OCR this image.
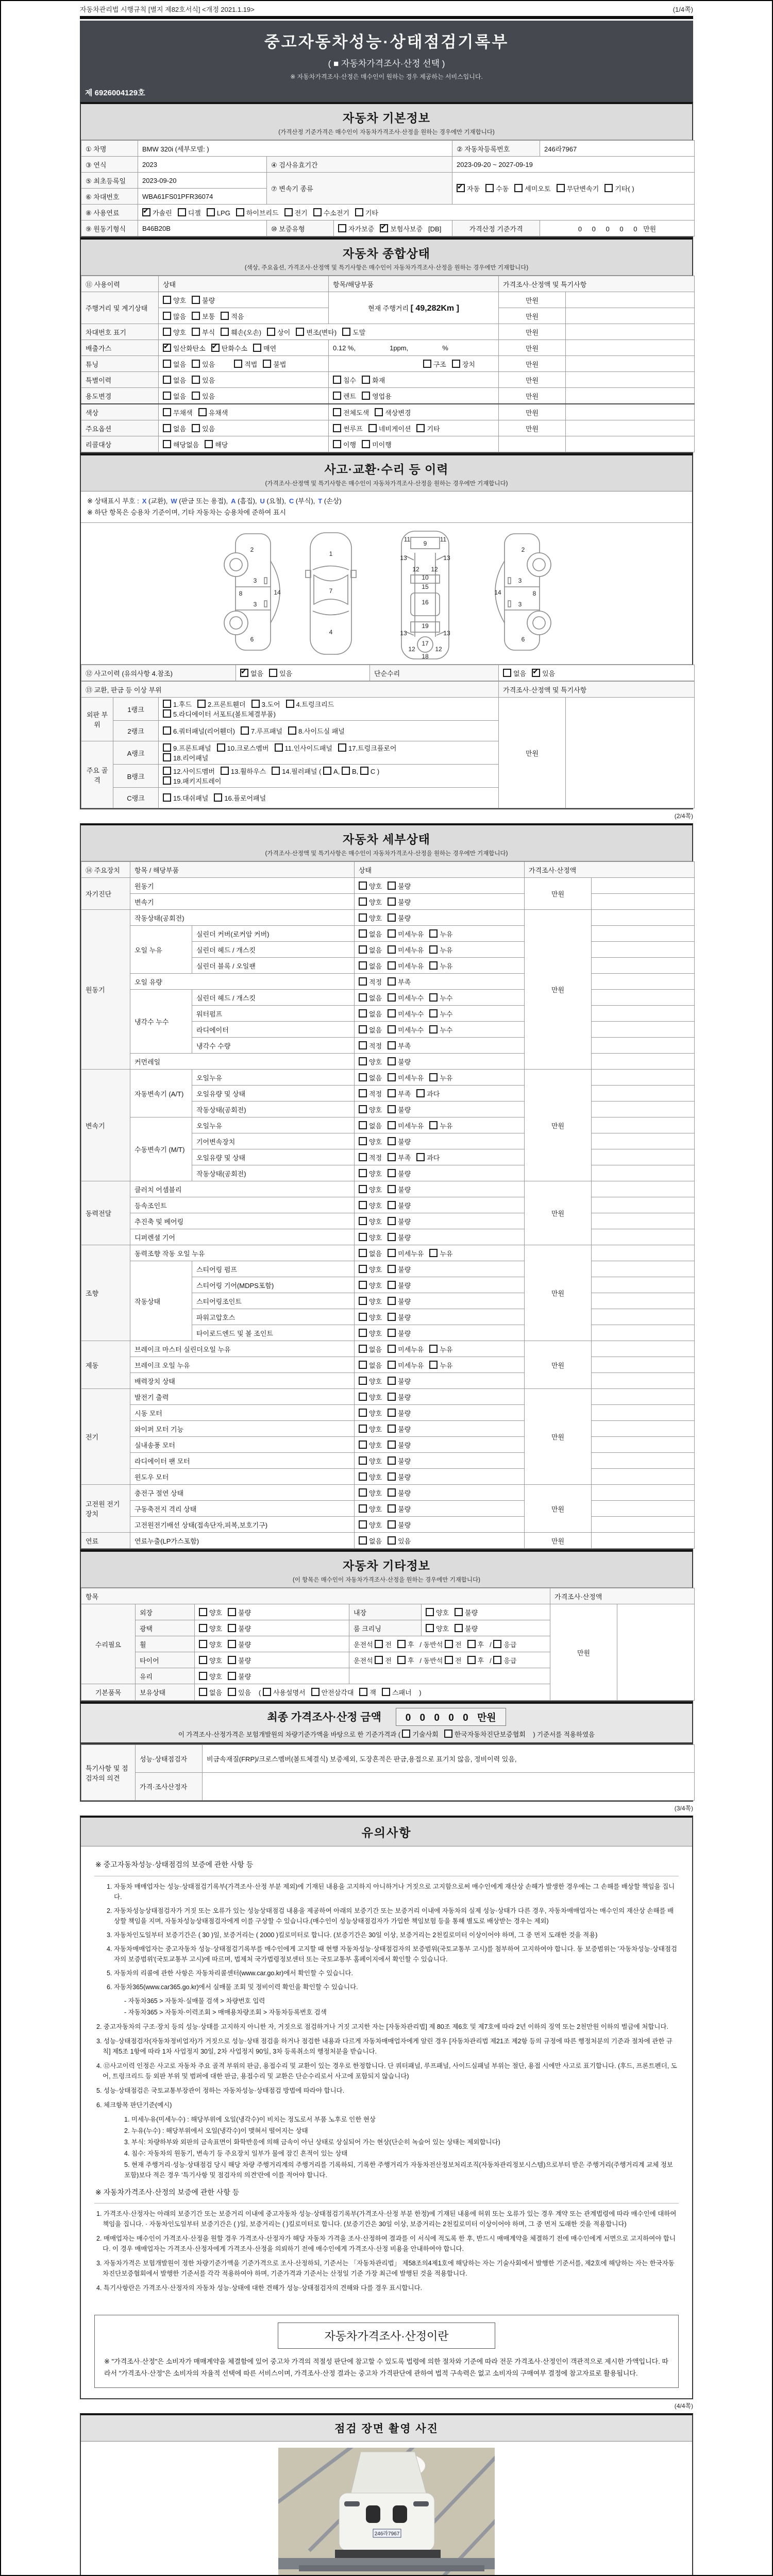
자동차관리법 시행규칙 [별지 제82호서식] <개정 2021.1.19>	(1/4쪽)
중고자동차성능·상태점검기록부
( ■ 자동차가격조사·산정 선택 )
※ 자동차가격조사·산정은 매수인이 원하는 경우 제공하는 서비스입니다.
제 6926004129호
자동차 기본정보
(가격산정 기준가격은 매수인이 자동차가격조사·산정을 원하는 경우에만 기재합니다)
① 차명	BMW 320i (세부모델: )			② 자동차등록번호	246라7967
③ 연식	2023	④ 검사유효기간		2023-09-20 ~ 2027-09-19	
⑤ 최초등록일	2023-09-20	⑦ 변속기 종류	✔자동 수동 세미오토 무단변속기 기타( )
⑥ 차대번호	WBA61FS01PFR36074				
⑧ 사용연료	✔가솔린 디젤 LPG 하이브리드 전기 수소전기 기타
⑨ 원동기형식	B46B20B	⑩ 보증유형	자가보증 ✔ 보험사보증 [DB]	가격산정 기준가격	0 0 0 0 0 만원
자동차 종합상태
(색상, 주요옵션, 가격조사·산정액 및 특기사항은 매수인이 자동차가격조사·산정을 원하는 경우에만 기재합니다)
⑪ 사용이력	상태	항목/해당부품	가격조사·산정액 및 특기사항	
주행거리 및 계기상태	양호 불량	현재 주행거리 [ 49,282Km ]	만원	
	많음 보통 적음		만원	
차대번호 표기	양호 부식 훼손(오손) 상이 변조(변타) 도말		만원	
배출가스	✔일산화탄소 ✔ 탄화수소 매연	0.12 %, 1ppm, %	만원	
튜닝	없음 있음 적법 불법	구조 장치	만원	
특별이력	없음 있음	침수 화재	만원	
용도변경	없음 있음	렌트 영업용	만원	
색상	무채색 유채색	전체도색 색상변경	만원	
주요옵션	없음 있음	썬루프 네비게이션 기타	만원	
리콜대상	해당없음 해당	이행 미이행		
사고·교환·수리 등 이력
(가격조사·산정액 및 특기사항은 매수인이 자동차가격조사·산정을 원하는 경우에만 기재합니다)
※ 상태표시 부호 : X (교환), W (판금 또는 용접), A (흠집), U (요철), C (부식), T (손상)
※ 하단 항목은 승용차 기준이며, 기타 자동차는 승용차에 준하여 표시
2
8
3
3
14
6
1
7
4
9
11	11
13	13
12 12
10
15
16
19
17
13	13
12	12
18
2
8
3
3
14
6
⑫ 사고이력 (유의사항 4.참조)	✔없음 있음	단순수리	없음 ✔ 있음
⑬ 교환, 판금 등 이상 부위			가격조사·산정액 및 특기사항	
외판 부위	1랭크	1.후드 2.프론트휀더 3.도어 4.트렁크리드
5.라디에이터 서포트(볼트체결부품)	만원	
	2랭크	6.쿼터패널(리어휀더) 7.루프패널 8.사이드실 패널		
주요 골격	A랭크	9.프론트패널 10.크로스멤버 11.인사이드패널 17.트렁크플로어
18.리어패널		
	B랭크	12.사이드멤버 13.휠하우스 14.필러패널 ( A, B, C )
19.패키지트레이		
	C랭크	15.대쉬패널 16.플로어패널		
(2/4쪽)
자동차 세부상태
(가격조사·산정액 및 특기사항은 매수인이 자동차가격조사·산정을 원하는 경우에만 기재합니다)
⑭ 주요장치	항목 / 해당부품		상태	가격조사·산정액	
자기진단	원동기		양호 불량	만원	
	변속기		양호 불량		
원동기	작동상태(공회전)		양호 불량	만원	
	오일 누유	실린더 커버(로커암 커버)	없음 미세누유 누유		
		실린더 헤드 / 개스킷	없음 미세누유 누유		
		실린더 블록 / 오일팬	없음 미세누유 누유		
	오일 유량		적정 부족		
	냉각수 누수	실린더 헤드 / 개스킷	없음 미세누수 누수		
		워터펌프	없음 미세누수 누수		
		라디에이터	없음 미세누수 누수		
		냉각수 수량	적정 부족		
	커먼레일		양호 불량		
변속기	자동변속기 (A/T)	오일누유	없음 미세누유 누유	만원	
		오일유량 및 상태	적정 부족 과다		
		작동상태(공회전)	양호 불량		
	수동변속기 (M/T)	오일누유	없음 미세누유 누유		
		기어변속장치	양호 불량		
		오일유량 및 상태	적정 부족 과다		
		작동상태(공회전)	양호 불량		
동력전달	클러치 어셈블리		양호 불량	만원	
	등속조인트		양호 불량		
	추진축 및 베어링		양호 불량		
	디퍼렌셜 기어		양호 불량		
조향	동력조향 작동 오일 누유		없음 미세누유 누유	만원	
	작동상태	스티어링 펌프	양호 불량		
		스티어링 기어(MDPS포함)	양호 불량		
		스티어링조인트	양호 불량		
		파워고압호스	양호 불량		
		타이로드엔드 및 볼 조인트	양호 불량		
제동	브레이크 마스터 실린더오일 누유		없음 미세누유 누유	만원	
	브레이크 오일 누유		없음 미세누유 누유		
	배력장치 상태		양호 불량		
전기	발전기 출력		양호 불량	만원	
	시동 모터		양호 불량		
	와이퍼 모터 기능		양호 불량		
	실내송풍 모터		양호 불량		
	라디에이터 팬 모터		양호 불량		
	윈도우 모터		양호 불량		
고전원 전기장치	충전구 절연 상태		양호 불량	만원	
	구동축전지 격리 상태		양호 불량		
	고전원전기배선 상태(접속단자,피복,보호기구)		양호 불량		
연료	연료누출(LP가스포함)		없음 있음	만원	
자동차 기타정보
(이 항목은 매수인이 자동차가격조사·산정을 원하는 경우에만 기재합니다)
항목					가격조사·산정액	
수리필요	외장	양호 불량	내장	양호 불량	만원	
	광택	양호 불량	룸 크리닝	양호 불량		
	휠	양호 불량	운전석 전 후 / 동반석 전 후 / 응급			
	타이어	양호 불량	운전석 전 후 / 동반석 전 후 / 응급			
	유리	양호 불량				
기본품목	보유상태	없음 있음 ( 사용설명서 안전삼각대 잭 스패너 )				
최종 가격조사·산정 금액 0 0 0 0 0 만원
이 가격조사·산정가격은 보험개발원의 차량기준가액을 바탕으로 한 기준가격과 ( 기술사회 한국자동차진단보증협회 ) 기준서를 적용하였음
특기사항 및 점검자의 의견	성능·상태점검자	비금속재질(FRP)/크로스멤버(볼트체결식) 보증제외, 도장흔적은 판금,용접으로 표기치 않음, 정비이력 있음,
	가격·조사산정자	
(3/4쪽)
유의사항
※ 중고자동차성능·상태점검의 보증에 관한 사항 등

1. 자동차 매매업자는 성능·상태점검기록부(가격조사·산정 부분 제외)에 기재된 내용을 고지하지 아니하거나 거짓으로 고지함으로써 매수인에게 재산상 손해가 발생한 경우에는 그 손해를 배상할 책임을 집니다.

2. 자동차성능상태점검자가 거짓 또는 오류가 있는 성능상태점검 내용을 제공하여 아래의 보증기간 또는 보증거리 이내에 자동차의 실제 성능·상태가 다른 경우, 자동차매매업자는 매수인의 재산상 손해를 배상할 책임을 지며, 자동차성능상태점검자에게 이를 구상할 수 있습니다.(매수인이 성능상태점검자가 가입한 책임보험 등을 통해 별도로 배상받는 경우는 제외)

3. 자동차인도일부터 보증기간은 ( 30 )일, 보증거리는 ( 2000 )킬로미터로 합니다. (보증기간은 30일 이상, 보증거리는 2천킬로미터 이상이어야 하며, 그 중 먼저 도래한 것을 적용)

4. 자동차매매업자는 중고자동차 성능·상태점검기록부를 매수인에게 고지할 때 현행 자동차성능·상태점검자의 보증범위(국토교통부 고시)를 첨부하여 고지하여야 합니다. 동 보증범위는 '자동차성능·상태점검자의 보증범위'(국토교통부 고시)에 따르며, 법제처 국가법령정보센터 또는 국토교통부 홈페이지에서 확인할 수 있습니다.

5. 자동차의 리콜에 관한 사항은 자동차리콜센터(www.car.go.kr)에서 확인할 수 있습니다.

6. 자동차365(www.car365.go.kr)에서 실매물 조회 및 정비이력 확인을 확인할 수 있습니다.

- 자동차365 > 자동차·실매물 검색 > 차량번호 입력

- 자동차365 > 자동차·이력조회 > 매매용차량조회 > 자동차등록번호 검색

2. 중고자동차의 구조·장치 등의 성능·상태를 고지하지 아니한 자, 거짓으로 점검하거나 거짓 고지한 자는 [자동차관리법] 제 80조 제6호 및 제7호에 따라 2년 이하의 징역 또는 2천만원 이하의 벌금에 처합니다.

3. 성능·상태점검자(자동차정비업자)가 거짓으로 성능·상태 점검을 하거나 점검한 내용과 다르게 자동차매매업자에게 알린 경우 [자동차관리법 제21조 제2항 등의 규정에 따른 행정처분의 기준과 절차에 관한 규칙] 제5조 1항에 따라 1차 사업정지 30일, 2차 사업정지 90일, 3차 등록취소의 행정처분을 받습니다.

4. ⑫사고이력 인정은 사고로 자동차 주요 골격 부위의 판금, 용접수리 및 교환이 있는 경우로 한정합니다. 단 쿼터패널, 루프패널, 사이드실패널 부위는 절단, 용접 시에만 사고로 표기합니다. (후드, 프론트펜더, 도어, 트렁크리드 등 외판 부위 및 범퍼에 대한 판금, 용접수리 및 교환은 단순수리로서 사고에 포함되지 않습니다)

5. 성능·상태점검은 국토교통부장관이 정하는 자동차성능·상태점검 방법에 따라야 합니다.

6. 체크항목 판단기준(예시)

1. 미세누유(미세누수) : 해당부위에 오일(냉각수)이 비치는 정도로서 부품 노후로 인한 현상

2. 누유(누수) : 해당부위에서 오일(냉각수)이 맺혀서 떨어지는 상태

3. 부식: 차량하부와 외판의 금속표면이 화학반응에 의해 금속이 아닌 상태로 상실되어 가는 현상(단순히 녹슬어 있는 상태는 제외합니다)

4. 침수: 자동차의 원동기, 변속기 등 주요장치 일부가 물에 잠긴 흔적이 있는 상태

5. 현재 주행거리·성능·상태점검 당시 해당 차량 주행거리계의 주행거리를 기록하되, 기록한 주행거리가 자동차전산정보처리조직(자동차관리정보시스템)으로부터 받은 주행거리(주행거리계 교체 정보 포함)보다 적은 경우 '특기사항 및 점검자의 의견'란에 이를 적어야 합니다.

※ 자동차가격조사·산정의 보증에 관한 사항 등

1. 가격조사·산정자는 아래의 보증기간 또는 보증거리 이내에 중고자동차 성능·상태점검기록부(가격조사·산정 부분 한정)에 기재된 내용에 허위 또는 오류가 있는 경우 계약 또는 관계법령에 따라 매수인에 대하여 책임을 집니다. · 자동차인도일부터 보증기간은 ( )일, 보증거리는 ( )킬로미터로 합니다. (보증기간은 30일 이상, 보증거리는 2천킬로미터 이상이어야 하며, 그 중 먼저 도래한 것을 적용합니다)

2. 매매업자는 매수인이 가격조사·산정을 원할 경우 가격조사·산정자가 해당 자동차 가격을 조사·산정하여 결과를 이 서식에 적도록 한 후, 반드시 매매계약을 체결하기 전에 매수인에게 서면으로 고지하여야 합니다. 이 경우 매매업자는 가격조사·산정자에게 가격조사·산정을 의뢰하기 전에 매수인에게 가격조사·산정 비용을 안내하여야 합니다.

3. 자동차가격은 보험개발원이 정한 차량기준가액을 기준가격으로 조사·산정하되, 기준서는 「자동차관리법」 제58조의4제1호에 해당하는 자는 기술사회에서 발행한 기준서를, 제2호에 해당하는 자는 한국자동차진단보증협회에서 발행한 기준서를 각각 적용하여야 하며, 기준가격과 기준서는 산정일 기준 가장 최근에 발행된 것을 적용합니다.

4. 특기사항란은 가격조사·산정자의 자동차 성능·상태에 대한 견해가 성능·상태점검자의 견해와 다를 경우 표시합니다.

자동차가격조사·산정이란
※ "가격조사·산정"은 소비자가 매매계약을 체결함에 있어 중고차 가격의 적절성 판단에 참고할 수 있도록 법령에 의한 절차와 기준에 따라 전문 가격조사·산정인이 객관적으로 제시한 가액입니다. 따라서 "가격조사·산정"은 소비자의 자율적 선택에 따른 서비스이며, 가격조사·산정 결과는 중고차 가격판단에 관하여 법적 구속력은 없고 소비자의 구매여부 결정에 참고자료로 활용됩니다.
(4/4쪽)
점검 장면 촬영 사진
246라7967
